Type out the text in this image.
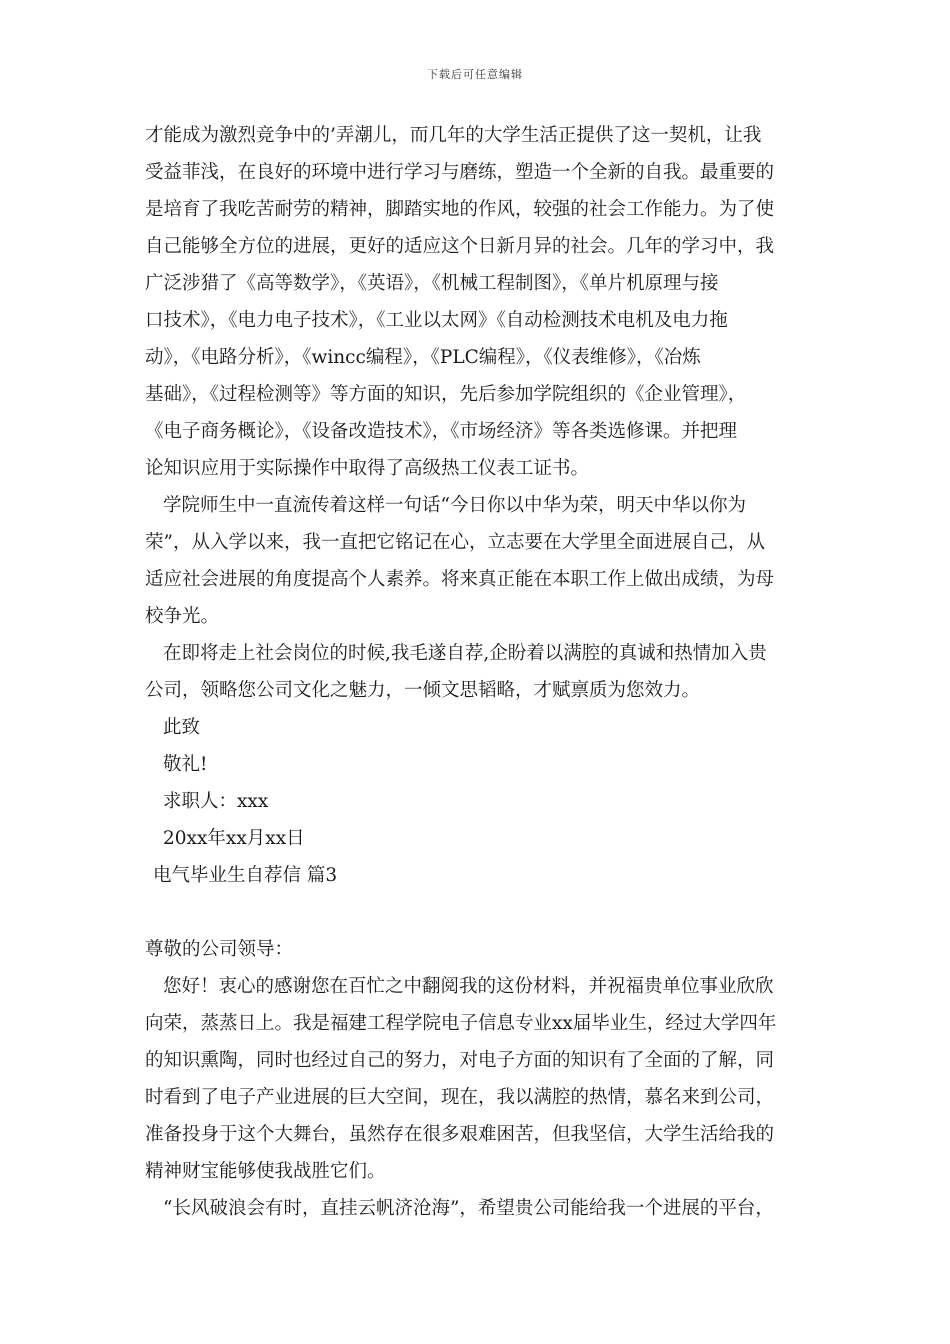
下载后可任意编辑
才能成为激烈竞争中的’弄潮儿，而几年的大学生活正提供了这一契机，让我
受益菲浅，在良好的环境中进行学习与磨练，塑造一个全新的自我。最重要的
是培育了我吃苦耐劳的精神，脚踏实地的作风，较强的社会工作能力。为了使
自己能够全方位的进展，更好的适应这个日新月异的社会。几年的学习中，我
广泛涉猎了《高等数学》，《英语》，《机械工程制图》，《单片机原理与接
口技术》，《电力电子技术》，《工业以太网》《自动检测技术电机及电力拖
动》，《电路分析》，《wincc编程》，《PLC编程》，《仪表维修》，《冶炼
基础》，《过程检测等》等方面的知识，先后参加学院组织的《企业管理》，
《电子商务概论》，《设备改造技术》，《市场经济》等各类选修课。并把理
论知识应用于实际操作中取得了高级热工仪表工证书。
学院师生中一直流传着这样一句话“今日你以中华为荣，明天中华以你为
荣”，从入学以来，我一直把它铭记在心，立志要在大学里全面进展自己，从
适应社会进展的角度提高个人素养。将来真正能在本职工作上做出成绩，为母
校争光。
在即将走上社会岗位的时候,我毛遂自荐,企盼着以满腔的真诚和热情加入贵
公司，领略您公司文化之魅力，一倾文思韬略，才赋禀质为您效力。
此致
敬礼!
求职人：xxx
20xx年xx月xx日
电气毕业生自荐信 篇3
尊敬的公司领导：
您好！衷心的感谢您在百忙之中翻阅我的这份材料，并祝福贵单位事业欣欣
向荣，蒸蒸日上。我是福建工程学院电子信息专业xx届毕业生，经过大学四年
的知识熏陶，同时也经过自己的努力，对电子方面的知识有了全面的了解，同
时看到了电子产业进展的巨大空间，现在，我以满腔的热情，慕名来到公司，
准备投身于这个大舞台，虽然存在很多艰难困苦，但我坚信，大学生活给我的
精神财宝能够使我战胜它们。
“长风破浪会有时，直挂云帆济沧海”，希望贵公司能给我一个进展的平台，
